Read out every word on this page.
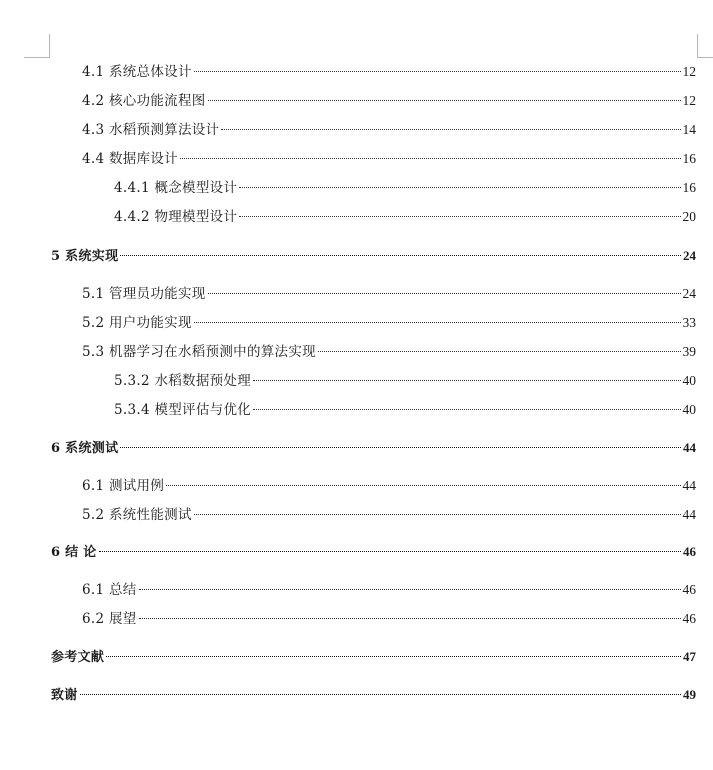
4.1 系统总体设计	12
4.2 核心功能流程图	12
4.3 水稻预测算法设计	14
4.4 数据库设计	16
4.4.1 概念模型设计	16
4.4.2 物理模型设计	20
5 系统实现	24
5.1 管理员功能实现	24
5.2 用户功能实现	33
5.3 机器学习在水稻预测中的算法实现	39
5.3.2 水稻数据预处理	40
5.3.4 模型评估与优化	40
6 系统测试	44
6.1 测试用例	44
5.2 系统性能测试	44
6 结 论	46
6.1 总结	46
6.2 展望	46
参考文献	47
致谢	49
